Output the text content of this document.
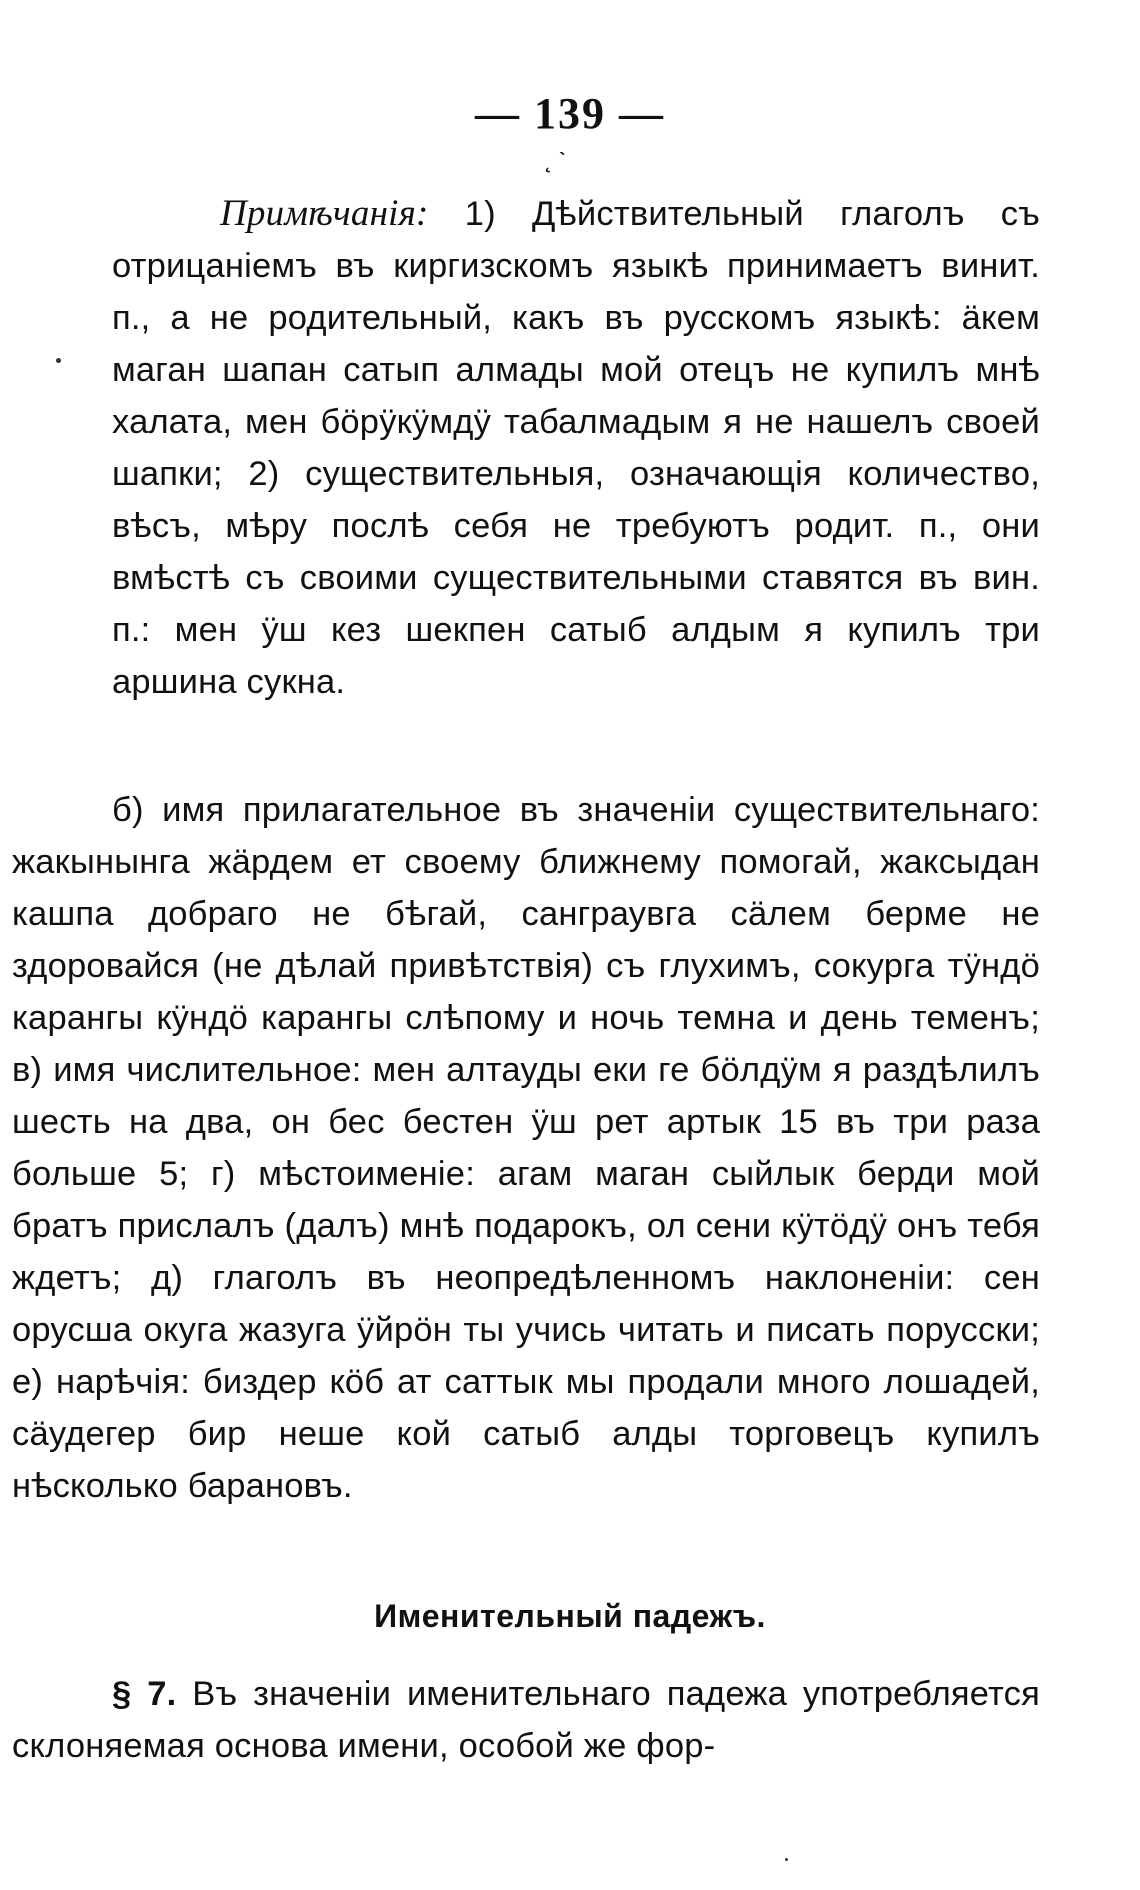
— 139 —
˛ ˋ
Примѣчанія: 1) Дѣйствительный глаголъ съ отрицаніемъ въ киргизскомъ языкѣ принимаетъ винит. п., а не родительный, какъ въ русскомъ языкѣ: äкем маган шапан сатып алмады мой отецъ не купилъ мнѣ халата, мен бöрÿкÿмдÿ табалмадым я не нашелъ своей шапки; 2) существительныя, означающія количество, вѣсъ, мѣру послѣ себя не требуютъ родит. п., они вмѣстѣ съ своими существительными ставятся въ вин. п.: мен ÿш кез шекпен сатыб алдым я купилъ три аршина сукна.
б) имя прилагательное въ значеніи существительнаго: жакынынга жäрдем ет своему ближнему помогай, жаксыдан кашпа добраго не бѣгай, санграувга сäлем берме не здоровайся (не дѣлай привѣтствія) съ глухимъ, сокурга тÿндö карангы кÿндö карангы слѣпому и ночь темна и день теменъ; в) имя числительное: мен алтауды еки ге бöлдÿм я раздѣлилъ шесть на два, он бес бестен ÿш рет артык 15 въ три раза больше 5; г) мѣстоименіе: агам маган сыйлык берди мой братъ прислалъ (далъ) мнѣ подарокъ, ол сени кÿтöдÿ онъ тебя ждетъ; д) глаголъ въ неопредѣленномъ наклоненіи: сен орусша окуга жазуга ÿйрöн ты учись читать и писать порусски; е) нарѣчія: биздер кöб ат саттык мы продали много лошадей, сäудегер бир неше кой сатыб алды торговецъ купилъ нѣсколько барановъ.
Именительный падежъ.
§ 7. Въ значеніи именительнаго падежа употребляется склоняемая основа имени, особой же фор-
